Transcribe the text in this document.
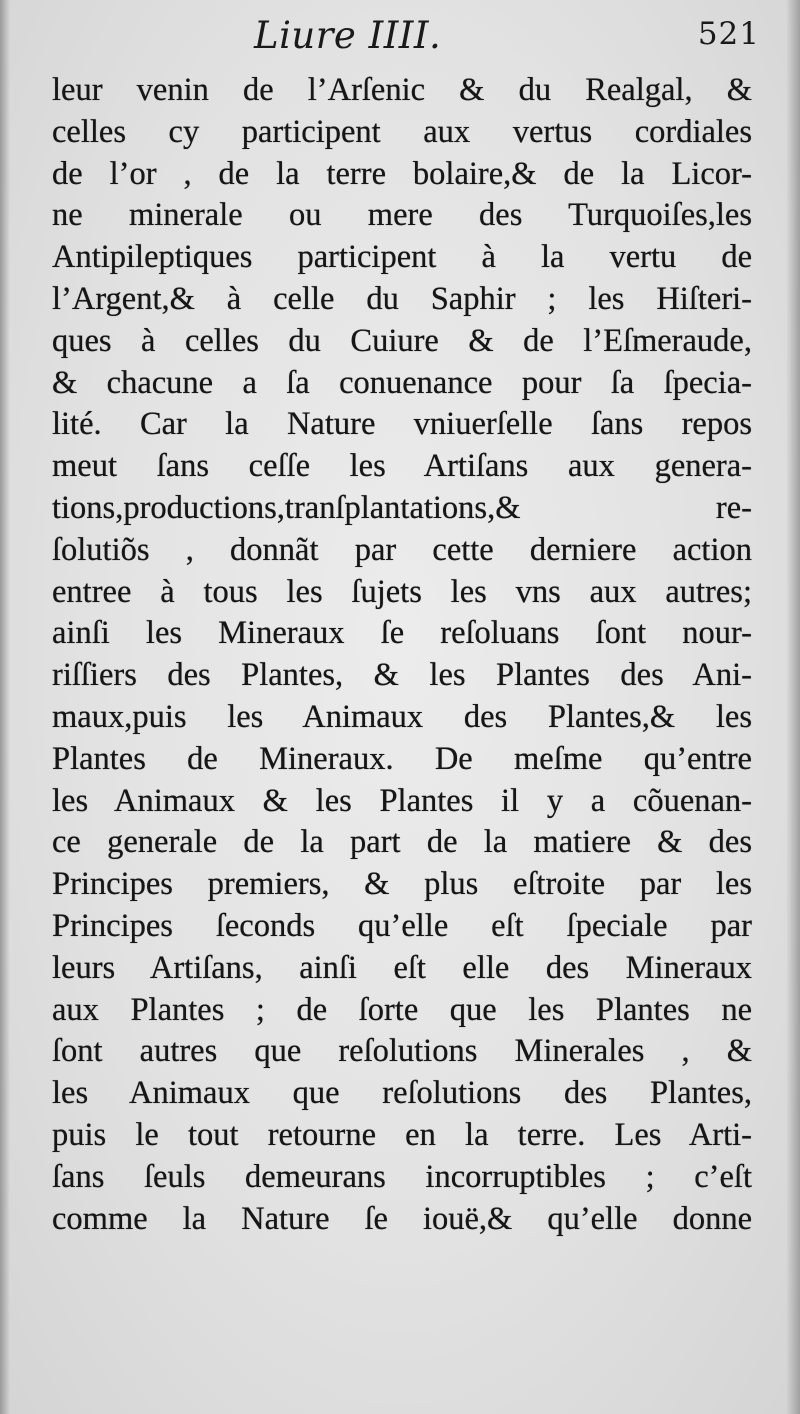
Liure IIII.	521
leur venin de l’Arſenic & du Realgal, &
celles cy participent aux vertus cordiales
de l’or , de la terre bolaire,& de la Licor-
ne minerale ou mere des Turquoiſes,les
Antipileptiques participent à la vertu de
l’Argent,& à celle du Saphir ; les Hiſteri-
ques à celles du Cuiure & de l’Eſmeraude,
& chacune a ſa conuenance pour ſa ſpecia-
lité. Car la Nature vniuerſelle ſans repos
meut ſans ceſſe les Artiſans aux genera-
tions,productions,tranſplantations,& re-
ſolutiõs , donnãt par cette derniere action
entree à tous les ſujets les vns aux autres;
ainſi les Mineraux ſe reſoluans ſont nour-
riſſiers des Plantes, & les Plantes des Ani-
maux,puis les Animaux des Plantes,& les
Plantes de Mineraux. De meſme qu’entre
les Animaux & les Plantes il y a cõuenan-
ce generale de la part de la matiere & des
Principes premiers, & plus eſtroite par les
Principes ſeconds qu’elle eſt ſpeciale par
leurs Artiſans, ainſi eſt elle des Mineraux
aux Plantes ; de ſorte que les Plantes ne
ſont autres que reſolutions Minerales , &
les Animaux que reſolutions des Plantes,
puis le tout retourne en la terre. Les Arti-
ſans ſeuls demeurans incorruptibles ; c’eſt
comme la Nature ſe iouë,& qu’elle donne
